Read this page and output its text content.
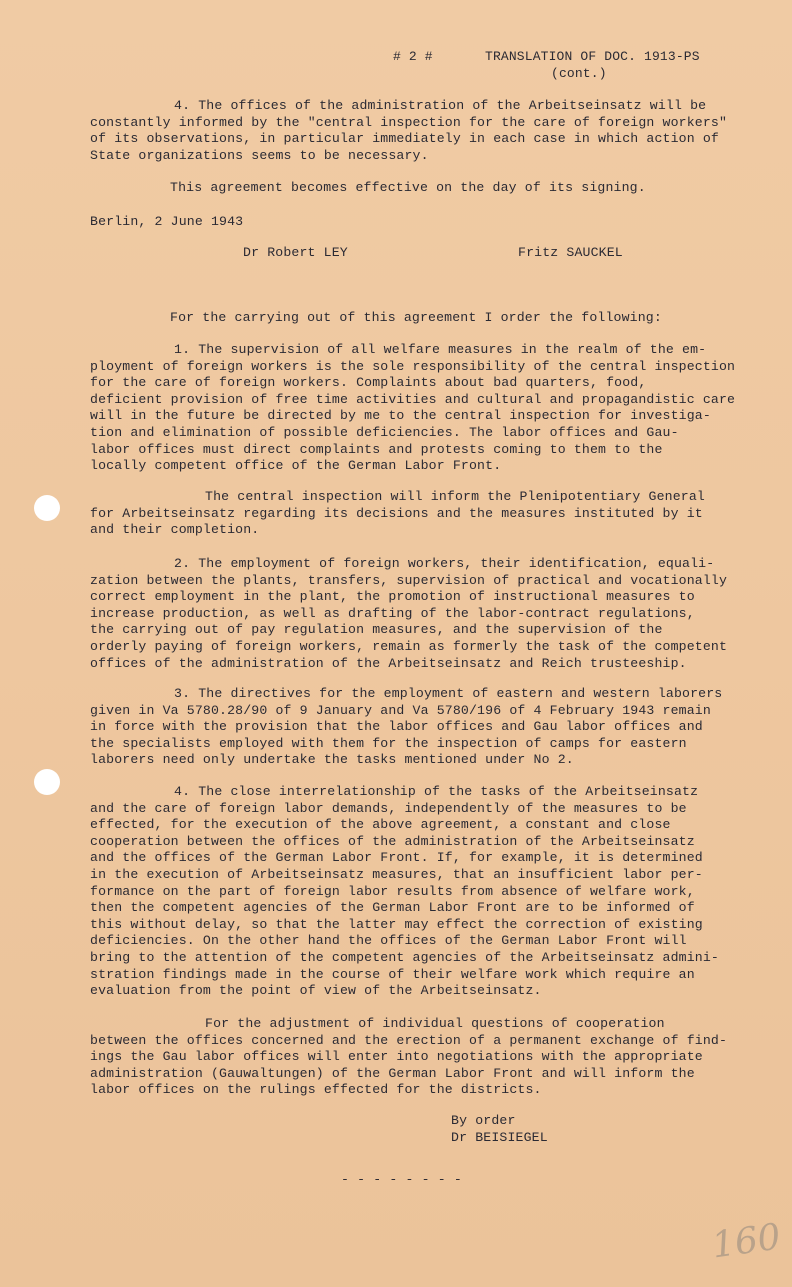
# 2 #	TRANSLATION OF DOC. 1913-PS
(cont.)
4. The offices of the administration of the Arbeitseinsatz will be
constantly informed by the "central inspection for the care of foreign workers"
of its observations, in particular immediately in each case in which action of
State organizations seems to be necessary.
This agreement becomes effective on the day of its signing.
Berlin, 2 June 1943
Dr Robert LEY	Fritz SAUCKEL
For the carrying out of this agreement I order the following:
1. The supervision of all welfare measures in the realm of the em-
ployment of foreign workers is the sole responsibility of the central inspection
for the care of foreign workers. Complaints about bad quarters, food,
deficient provision of free time activities and cultural and propagandistic care
will in the future be directed by me to the central inspection for investiga-
tion and elimination of possible deficiencies. The labor offices and Gau-
labor offices must direct complaints and protests coming to them to the
locally competent office of the German Labor Front.
The central inspection will inform the Plenipotentiary General
for Arbeitseinsatz regarding its decisions and the measures instituted by it
and their completion.
2. The employment of foreign workers, their identification, equali-
zation between the plants, transfers, supervision of practical and vocationally
correct employment in the plant, the promotion of instructional measures to
increase production, as well as drafting of the labor-contract regulations,
the carrying out of pay regulation measures, and the supervision of the
orderly paying of foreign workers, remain as formerly the task of the competent
offices of the administration of the Arbeitseinsatz and Reich trusteeship.
3. The directives for the employment of eastern and western laborers
given in Va 5780.28/90 of 9 January and Va 5780/196 of 4 February 1943 remain
in force with the provision that the labor offices and Gau labor offices and
the specialists employed with them for the inspection of camps for eastern
laborers need only undertake the tasks mentioned under No 2.
4. The close interrelationship of the tasks of the Arbeitseinsatz
and the care of foreign labor demands, independently of the measures to be
effected, for the execution of the above agreement, a constant and close
cooperation between the offices of the administration of the Arbeitseinsatz
and the offices of the German Labor Front. If, for example, it is determined
in the execution of Arbeitseinsatz measures, that an insufficient labor per-
formance on the part of foreign labor results from absence of welfare work,
then the competent agencies of the German Labor Front are to be informed of
this without delay, so that the latter may effect the correction of existing
deficiencies. On the other hand the offices of the German Labor Front will
bring to the attention of the competent agencies of the Arbeitseinsatz admini-
stration findings made in the course of their welfare work which require an
evaluation from the point of view of the Arbeitseinsatz.
For the adjustment of individual questions of cooperation
between the offices concerned and the erection of a permanent exchange of find-
ings the Gau labor offices will enter into negotiations with the appropriate
administration (Gauwaltungen) of the German Labor Front and will inform the
labor offices on the rulings effected for the districts.
By order
Dr BEISIEGEL
- - - - - - - -
160
